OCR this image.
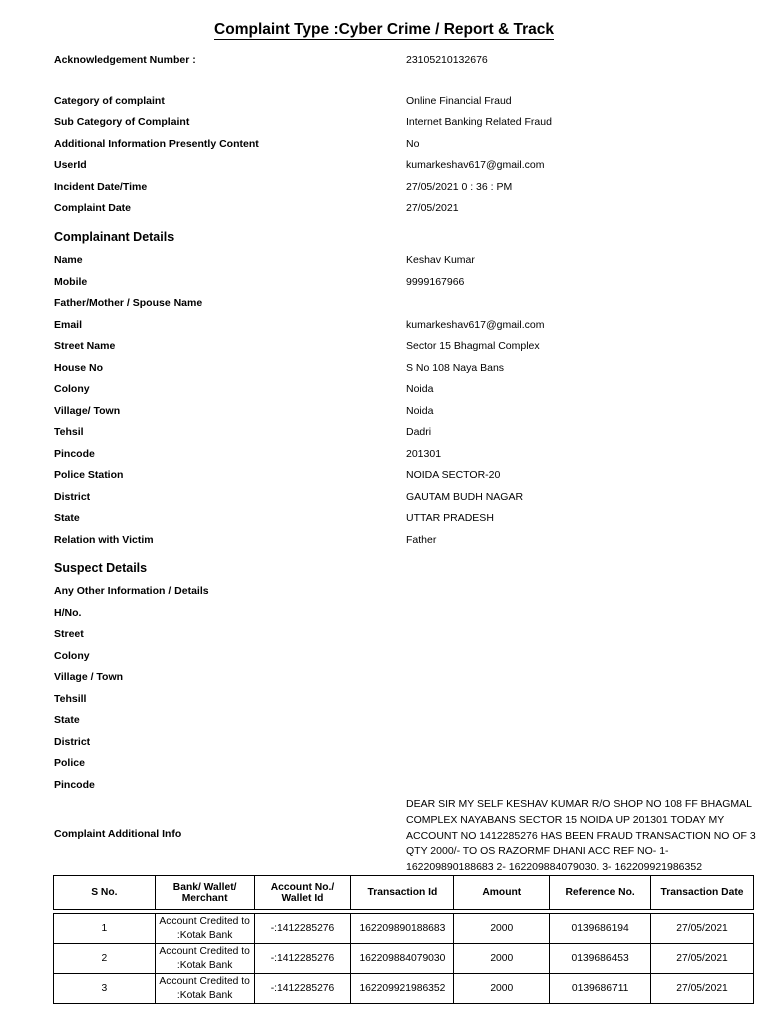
Complaint Type :Cyber Crime / Report & Track
Acknowledgement Number :	23105210132676
Category of complaint	Online Financial Fraud
Sub Category of Complaint	Internet Banking Related Fraud
Additional Information Presently Content	No
UserId	kumarkeshav617@gmail.com
Incident Date/Time	27/05/2021 0 : 36 : PM
Complaint Date	27/05/2021
Complainant Details
Name	Keshav Kumar
Mobile	9999167966
Father/Mother / Spouse Name
Email	kumarkeshav617@gmail.com
Street Name	Sector 15 Bhagmal Complex
House No	S No 108 Naya Bans
Colony	Noida
Village/ Town	Noida
Tehsil	Dadri
Pincode	201301
Police Station	NOIDA SECTOR-20
District	GAUTAM BUDH NAGAR
State	UTTAR PRADESH
Relation with Victim	Father
Suspect Details
Any Other Information / Details
H/No.
Street
Colony
Village / Town
Tehsill
State
District
Police
Pincode
Complaint Additional Info
DEAR SIR MY SELF KESHAV KUMAR R/O SHOP NO 108 FF BHAGMAL COMPLEX NAYABANS SECTOR 15 NOIDA UP 201301 TODAY MY ACCOUNT NO 1412285276 HAS BEEN FRAUD TRANSACTION NO OF 3 QTY 2000/- TO OS RAZORMF DHANI ACC REF NO- 1-162209890188683 2- 162209884079030. 3- 162209921986352
S No.	Bank/ Wallet/ Merchant	Account No./ Wallet Id	Transaction Id	Amount	Reference No.	Transaction Date

1	Account Credited to :Kotak Bank	-:1412285276	162209890188683	2000	0139686194	27/05/2021
2	Account Credited to :Kotak Bank	-:1412285276	162209884079030	2000	0139686453	27/05/2021
3	Account Credited to :Kotak Bank	-:1412285276	162209921986352	2000	0139686711	27/05/2021
